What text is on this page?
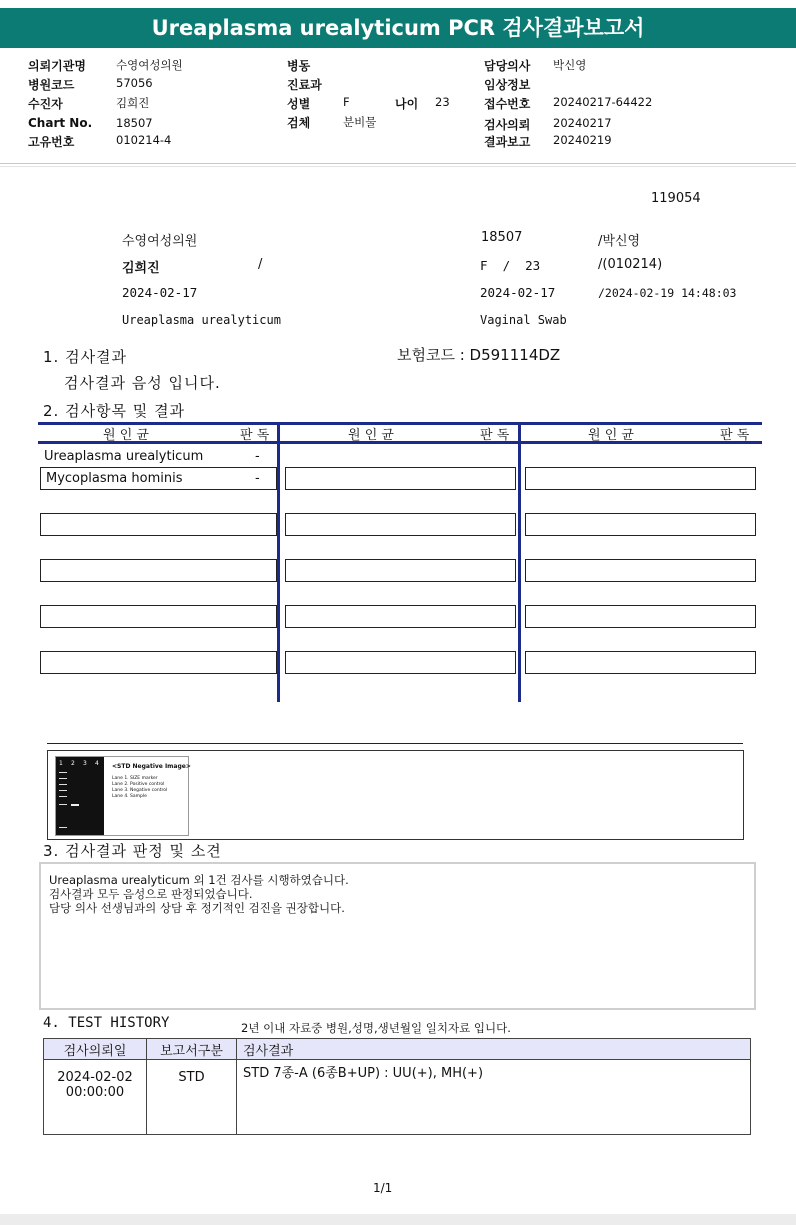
Ureaplasma urealyticum PCR 검사결과보고서
의뢰기관명	수영여성의원
병원코드	57056
수진자	김희진
Chart No. 18507
고유번호	010214-4
병동
진료과
성별	F	나이 23
검체	분비물
담당의사 박신영
임상정보
접수번호 20240217-64422
검사의뢰 20240217
결과보고 20240219
119054
수영여성의원	18507	/박신영
김희진	/	F  /  23	/(010214)
2024-02-17	2024-02-17	/2024-02-19 14:48:03
Ureaplasma urealyticum	Vaginal Swab
1. 검사결과	보험코드 : D591114DZ
검사결과 음성 입니다.
2. 검사항목 및 결과
원 인 균	판 독	원 인 균	판 독	원 인 균	판 독
Ureaplasma urealyticum	-
Mycoplasma hominis	-
1 2 3 4 <STD Negative Image>
Lane 1. SIZE marker
Lane 2. Positive control
Lane 3. Negative control
Lane 4. Sample
3. 검사결과 판정 및 소견
Ureaplasma urealyticum 외 1건 검사를 시행하였습니다.
검사결과 모두 음성으로 판정되었습니다.
담당 의사 선생님과의 상담 후 정기적인 검진을 권장합니다.
4. TEST HISTORY	2년 이내 자료중 병원,성명,생년월일 일치자료 입니다.
검사의뢰일	보고서구분	검사결과

2024-02-02
00:00:00	STD	STD 7종-A (6종B+UP) : UU(+), MH(+)
1/1
